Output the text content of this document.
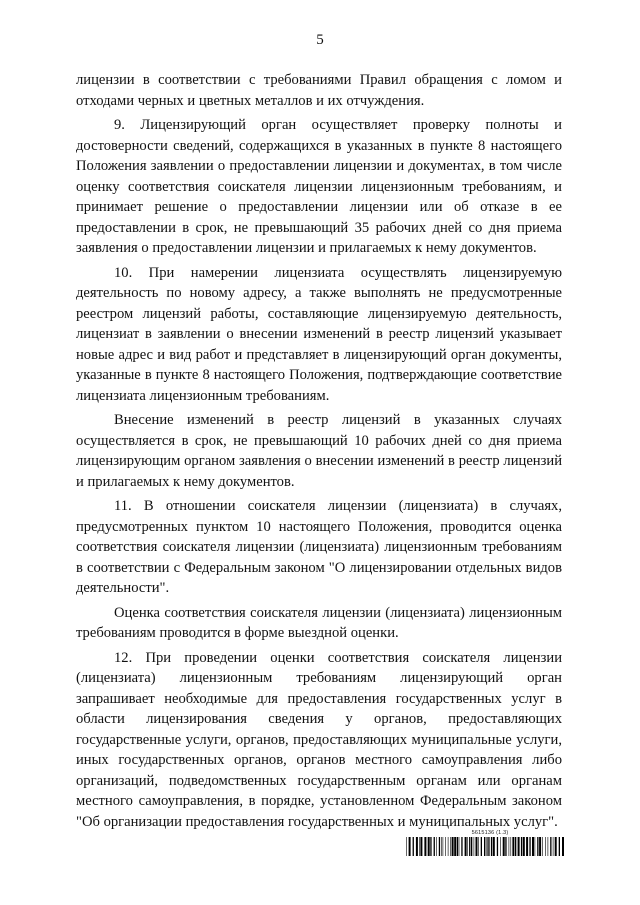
5

лицензии в соответствии с требованиями Правил обращения с ломом и отходами черных и цветных металлов и их отчуждения.

9. Лицензирующий орган осуществляет проверку полноты и достоверности сведений, содержащихся в указанных в пункте 8 настоящего Положения заявлении о предоставлении лицензии и документах, в том числе оценку соответствия соискателя лицензии лицензионным требованиям, и принимает решение о предоставлении лицензии или об отказе в ее предоставлении в срок, не превышающий 35 рабочих дней со дня приема заявления о предоставлении лицензии и прилагаемых к нему документов.

10. При намерении лицензиата осуществлять лицензируемую деятельность по новому адресу, а также выполнять не предусмотренные реестром лицензий работы, составляющие лицензируемую деятельность, лицензиат в заявлении о внесении изменений в реестр лицензий указывает новые адрес и вид работ и представляет в лицензирующий орган документы, указанные в пункте 8 настоящего Положения, подтверждающие соответствие лицензиата лицензионным требованиям.

Внесение изменений в реестр лицензий в указанных случаях осуществляется в срок, не превышающий 10 рабочих дней со дня приема лицензирующим органом заявления о внесении изменений в реестр лицензий и прилагаемых к нему документов.

11. В отношении соискателя лицензии (лицензиата) в случаях, предусмотренных пунктом 10 настоящего Положения, проводится оценка соответствия соискателя лицензии (лицензиата) лицензионным требованиям в соответствии с Федеральным законом "О лицензировании отдельных видов деятельности".

Оценка соответствия соискателя лицензии (лицензиата) лицензионным требованиям проводится в форме выездной оценки.

12. При проведении оценки соответствия соискателя лицензии (лицензиата) лицензионным требованиям лицензирующий орган запрашивает необходимые для предоставления государственных услуг в области лицензирования сведения у органов, предоставляющих государственные услуги, органов, предоставляющих муниципальные услуги, иных государственных органов, органов местного самоуправления либо организаций, подведомственных государственным органам или органам местного самоуправления, в порядке, установленном Федеральным законом "Об организации предоставления государственных и муниципальных услуг".

5615136 (1.3)
